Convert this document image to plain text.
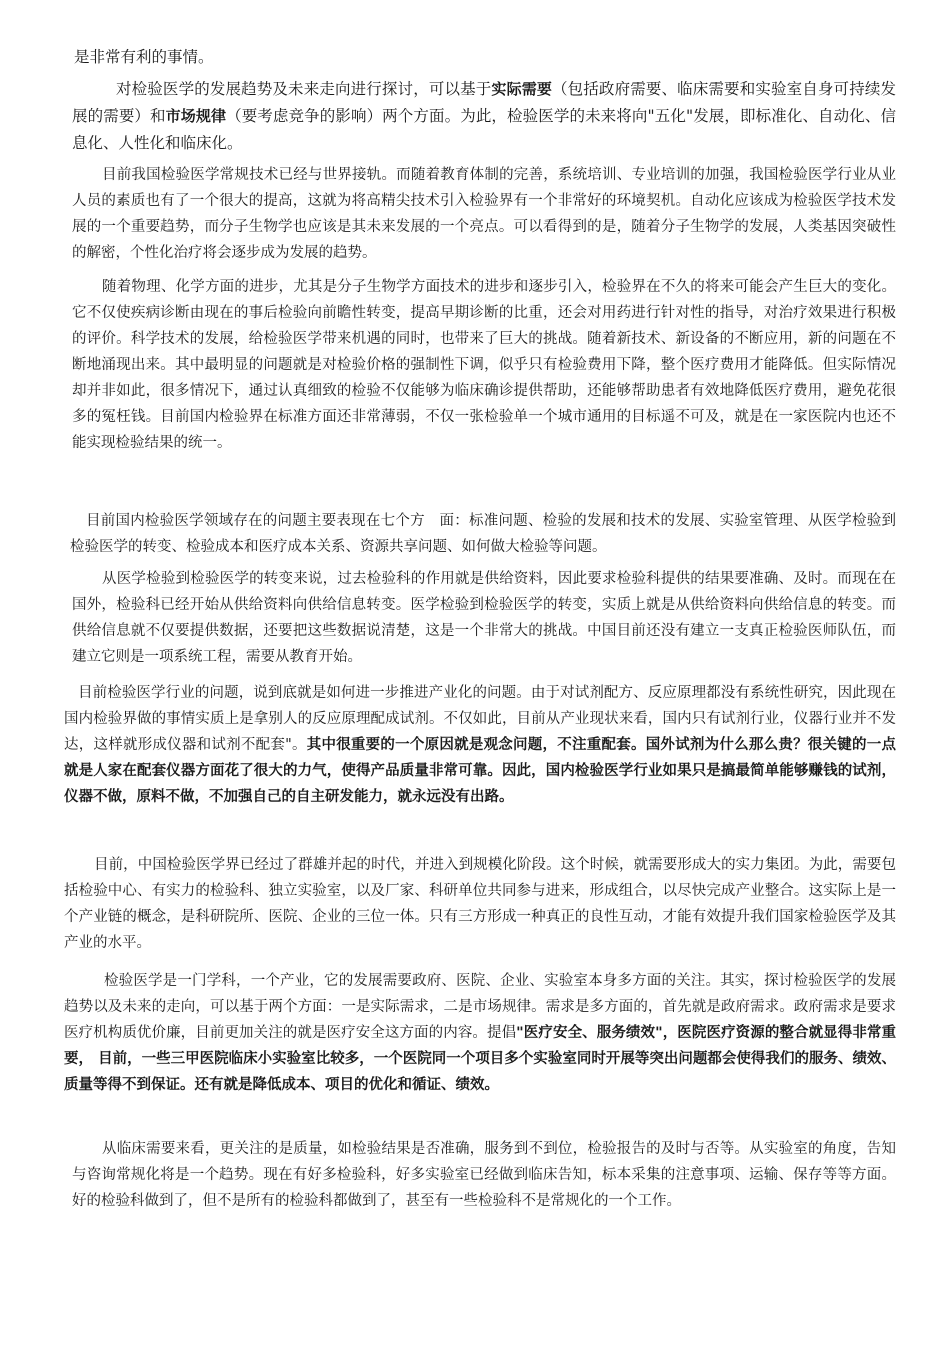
是非常有利的事情。

对检验医学的发展趋势及未来走向进行探讨，可以基于实际需要（包括政府需要、临床需要和实验室自身可持续发展的需要）和市场规律（要考虑竞争的影响）两个方面。为此，检验医学的未来将向"五化"发展，即标准化、自动化、信息化、人性化和临床化。

目前我国检验医学常规技术已经与世界接轨。而随着教育体制的完善，系统培训、专业培训的加强，我国检验医学行业从业人员的素质也有了一个很大的提高，这就为将高精尖技术引入检验界有一个非常好的环境契机。自动化应该成为检验医学技术发展的一个重要趋势，而分子生物学也应该是其未来发展的一个亮点。可以看得到的是，随着分子生物学的发展，人类基因突破性的解密，个性化治疗将会逐步成为发展的趋势。

随着物理、化学方面的进步，尤其是分子生物学方面技术的进步和逐步引入，检验界在不久的将来可能会产生巨大的变化。它不仅使疾病诊断由现在的事后检验向前瞻性转变，提高早期诊断的比重，还会对用药进行针对性的指导，对治疗效果进行积极的评价。科学技术的发展，给检验医学带来机遇的同时，也带来了巨大的挑战。随着新技术、新设备的不断应用，新的问题在不断地涌现出来。其中最明显的问题就是对检验价格的强制性下调，似乎只有检验费用下降，整个医疗费用才能降低。但实际情况却并非如此，很多情况下，通过认真细致的检验不仅能够为临床确诊提供帮助，还能够帮助患者有效地降低医疗费用，避免花很多的冤枉钱。目前国内检验界在标准方面还非常薄弱，不仅一张检验单一个城市通用的目标遥不可及，就是在一家医院内也还不能实现检验结果的统一。

目前国内检验医学领域存在的问题主要表现在七个方　面：标准问题、检验的发展和技术的发展、实验室管理、从医学检验到检验医学的转变、检验成本和医疗成本关系、资源共享问题、如何做大检验等问题。

从医学检验到检验医学的转变来说，过去检验科的作用就是供给资料，因此要求检验科提供的结果要准确、及时。而现在在国外，检验科已经开始从供给资料向供给信息转变。医学检验到检验医学的转变，实质上就是从供给资料向供给信息的转变。而供给信息就不仅要提供数据，还要把这些数据说清楚，这是一个非常大的挑战。中国目前还没有建立一支真正检验医师队伍，而建立它则是一项系统工程，需要从教育开始。

目前检验医学行业的问题，说到底就是如何进一步推进产业化的问题。由于对试剂配方、反应原理都没有系统性研究，因此现在国内检验界做的事情实质上是拿别人的反应原理配成试剂。不仅如此，目前从产业现状来看，国内只有试剂行业，仪器行业并不发达，这样就形成仪器和试剂不配套"。其中很重要的一个原因就是观念问题，不注重配套。国外试剂为什么那么贵？很关键的一点就是人家在配套仪器方面花了很大的力气，使得产品质量非常可靠。因此，国内检验医学行业如果只是搞最简单能够赚钱的试剂，仪器不做，原料不做，不加强自己的自主研发能力，就永远没有出路。

目前，中国检验医学界已经过了群雄并起的时代，并进入到规模化阶段。这个时候，就需要形成大的实力集团。为此，需要包括检验中心、有实力的检验科、独立实验室，以及厂家、科研单位共同参与进来，形成组合，以尽快完成产业整合。这实际上是一个产业链的概念，是科研院所、医院、企业的三位一体。只有三方形成一种真正的良性互动，才能有效提升我们国家检验医学及其产业的水平。

检验医学是一门学科，一个产业，它的发展需要政府、医院、企业、实验室本身多方面的关注。其实，探讨检验医学的发展趋势以及未来的走向，可以基于两个方面：一是实际需求，二是市场规律。需求是多方面的，首先就是政府需求。政府需求是要求医疗机构质优价廉，目前更加关注的就是医疗安全这方面的内容。提倡"医疗安全、服务绩效"，医院医疗资源的整合就显得非常重要， 目前，一些三甲医院临床小实验室比较多，一个医院同一个项目多个实验室同时开展等突出问题都会使得我们的服务、绩效、质量等得不到保证。还有就是降低成本、项目的优化和循证、绩效。

从临床需要来看，更关注的是质量，如检验结果是否准确，服务到不到位，检验报告的及时与否等。从实验室的角度，告知与咨询常规化将是一个趋势。现在有好多检验科，好多实验室已经做到临床告知，标本采集的注意事项、运输、保存等等方面。好的检验科做到了，但不是所有的检验科都做到了，甚至有一些检验科不是常规化的一个工作。
